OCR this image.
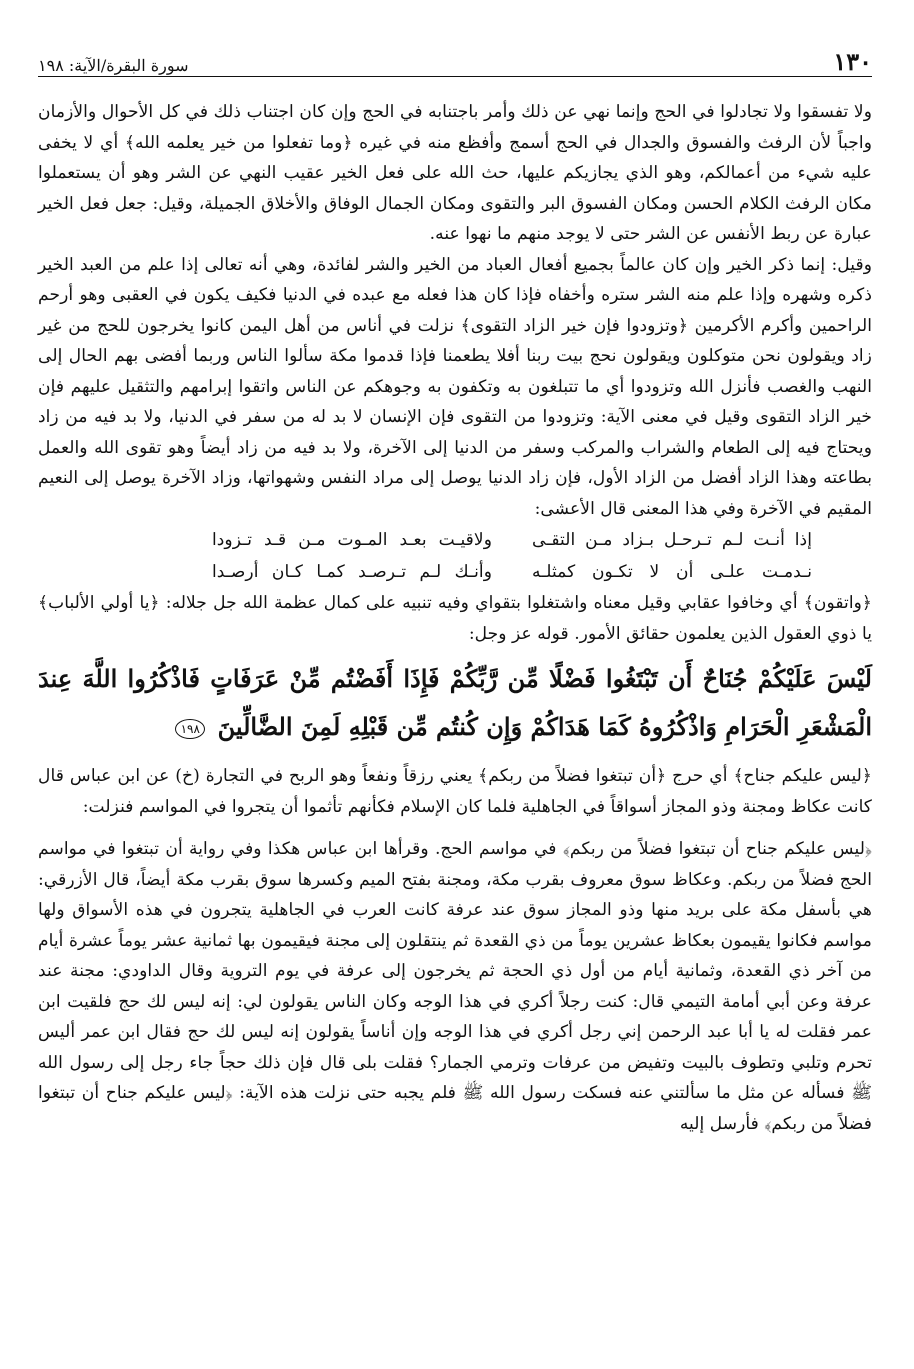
١٣٠
سورة البقرة/الآية: ١٩٨

ولا تفسقوا ولا تجادلوا في الحج وإنما نهي عن ذلك وأمر باجتنابه في الحج وإن كان اجتناب ذلك في كل الأحوال والأزمان واجباً لأن الرفث والفسوق والجدال في الحج أسمج وأفظع منه في غيره ﴿وما تفعلوا من خير يعلمه الله﴾ أي لا يخفى عليه شيء من أعمالكم، وهو الذي يجازيكم عليها، حث الله على فعل الخير عقيب النهي عن الشر وهو أن يستعملوا مكان الرفث الكلام الحسن ومكان الفسوق البر والتقوى ومكان الجمال الوفاق والأخلاق الجميلة، وقيل: جعل فعل الخير عبارة عن ربط الأنفس عن الشر حتى لا يوجد منهم ما نهوا عنه.

وقيل: إنما ذكر الخير وإن كان عالماً بجميع أفعال العباد من الخير والشر لفائدة، وهي أنه تعالى إذا علم من العبد الخير ذكره وشهره وإذا علم منه الشر ستره وأخفاه فإذا كان هذا فعله مع عبده في الدنيا فكيف يكون في العقبى وهو أرحم الراحمين وأكرم الأكرمين ﴿وتزودوا فإن خير الزاد التقوى﴾ نزلت في أناس من أهل اليمن كانوا يخرجون للحج من غير زاد ويقولون نحن متوكلون ويقولون نحج بيت ربنا أفلا يطعمنا فإذا قدموا مكة سألوا الناس وربما أفضى بهم الحال إلى النهب والغصب فأنزل الله وتزودوا أي ما تتبلغون به وتكفون به وجوهكم عن الناس واتقوا إبرامهم والتثقيل عليهم فإن خير الزاد التقوى وقيل في معنى الآية: وتزودوا من التقوى فإن الإنسان لا بد له من سفر في الدنيا، ولا بد فيه من زاد ويحتاج فيه إلى الطعام والشراب والمركب وسفر من الدنيا إلى الآخرة، ولا بد فيه من زاد أيضاً وهو تقوى الله والعمل بطاعته وهذا الزاد أفضل من الزاد الأول، فإن زاد الدنيا يوصل إلى مراد النفس وشهواتها، وزاد الآخرة يوصل إلى النعيم المقيم في الآخرة وفي هذا المعنى قال الأعشى:

إذا أنـت لـم تـرحـل بـزاد مـن التقـى
ولاقيـت بعـد المـوت مـن قـد تـزودا
نـدمـت علـى أن لا تكـون كمثلـه
وأنـك لـم تـرصـد كمـا كـان أرصـدا

﴿واتقون﴾ أي وخافوا عقابي وقيل معناه واشتغلوا بتقواي وفيه تنبيه على كمال عظمة الله جل جلاله: ﴿يا أولي الألباب﴾ يا ذوي العقول الذين يعلمون حقائق الأمور. قوله عز وجل:

لَيْسَ عَلَيْكُمْ جُنَاحٌ أَن تَبْتَغُوا فَضْلًا مِّن رَّبِّكُمْ فَإِذَا أَفَضْتُم مِّنْ عَرَفَاتٍ فَاذْكُرُوا اللَّهَ عِندَ الْمَشْعَرِ الْحَرَامِ وَاذْكُرُوهُ كَمَا هَدَاكُمْ وَإِن كُنتُم مِّن قَبْلِهِ لَمِنَ الضَّالِّينَ ١٩٨

﴿ليس عليكم جناح﴾ أي حرج ﴿أن تبتغوا فضلاً من ربكم﴾ يعني رزقاً ونفعاً وهو الربح في التجارة (خ) عن ابن عباس قال كانت عكاظ ومجنة وذو المجاز أسواقاً في الجاهلية فلما كان الإسلام فكأنهم تأثموا أن يتجروا في المواسم فنزلت:

﴿ليس عليكم جناح أن تبتغوا فضلاً من ربكم﴾ في مواسم الحج. وقرأها ابن عباس هكذا وفي رواية أن تبتغوا في مواسم الحج فضلاً من ربكم. وعكاظ سوق معروف بقرب مكة، ومجنة بفتح الميم وكسرها سوق بقرب مكة أيضاً، قال الأزرقي: هي بأسفل مكة على بريد منها وذو المجاز سوق عند عرفة كانت العرب في الجاهلية يتجرون في هذه الأسواق ولها مواسم فكانوا يقيمون بعكاظ عشرين يوماً من ذي القعدة ثم ينتقلون إلى مجنة فيقيمون بها ثمانية عشر يوماً عشرة أيام من آخر ذي القعدة، وثمانية أيام من أول ذي الحجة ثم يخرجون إلى عرفة في يوم التروية وقال الداودي: مجنة عند عرفة وعن أبي أمامة التيمي قال: كنت رجلاً أكري في هذا الوجه وكان الناس يقولون لي: إنه ليس لك حج فلقيت ابن عمر فقلت له يا أبا عبد الرحمن إني رجل أكري في هذا الوجه وإن أناساً يقولون إنه ليس لك حج فقال ابن عمر أليس تحرم وتلبي وتطوف بالبيت وتفيض من عرفات وترمي الجمار؟ فقلت بلى قال فإن ذلك حجاً جاء رجل إلى رسول الله ﷺ فسأله عن مثل ما سألتني عنه فسكت رسول الله ﷺ فلم يجبه حتى نزلت هذه الآية: ﴿ليس عليكم جناح أن تبتغوا فضلاً من ربكم﴾ فأرسل إليه
